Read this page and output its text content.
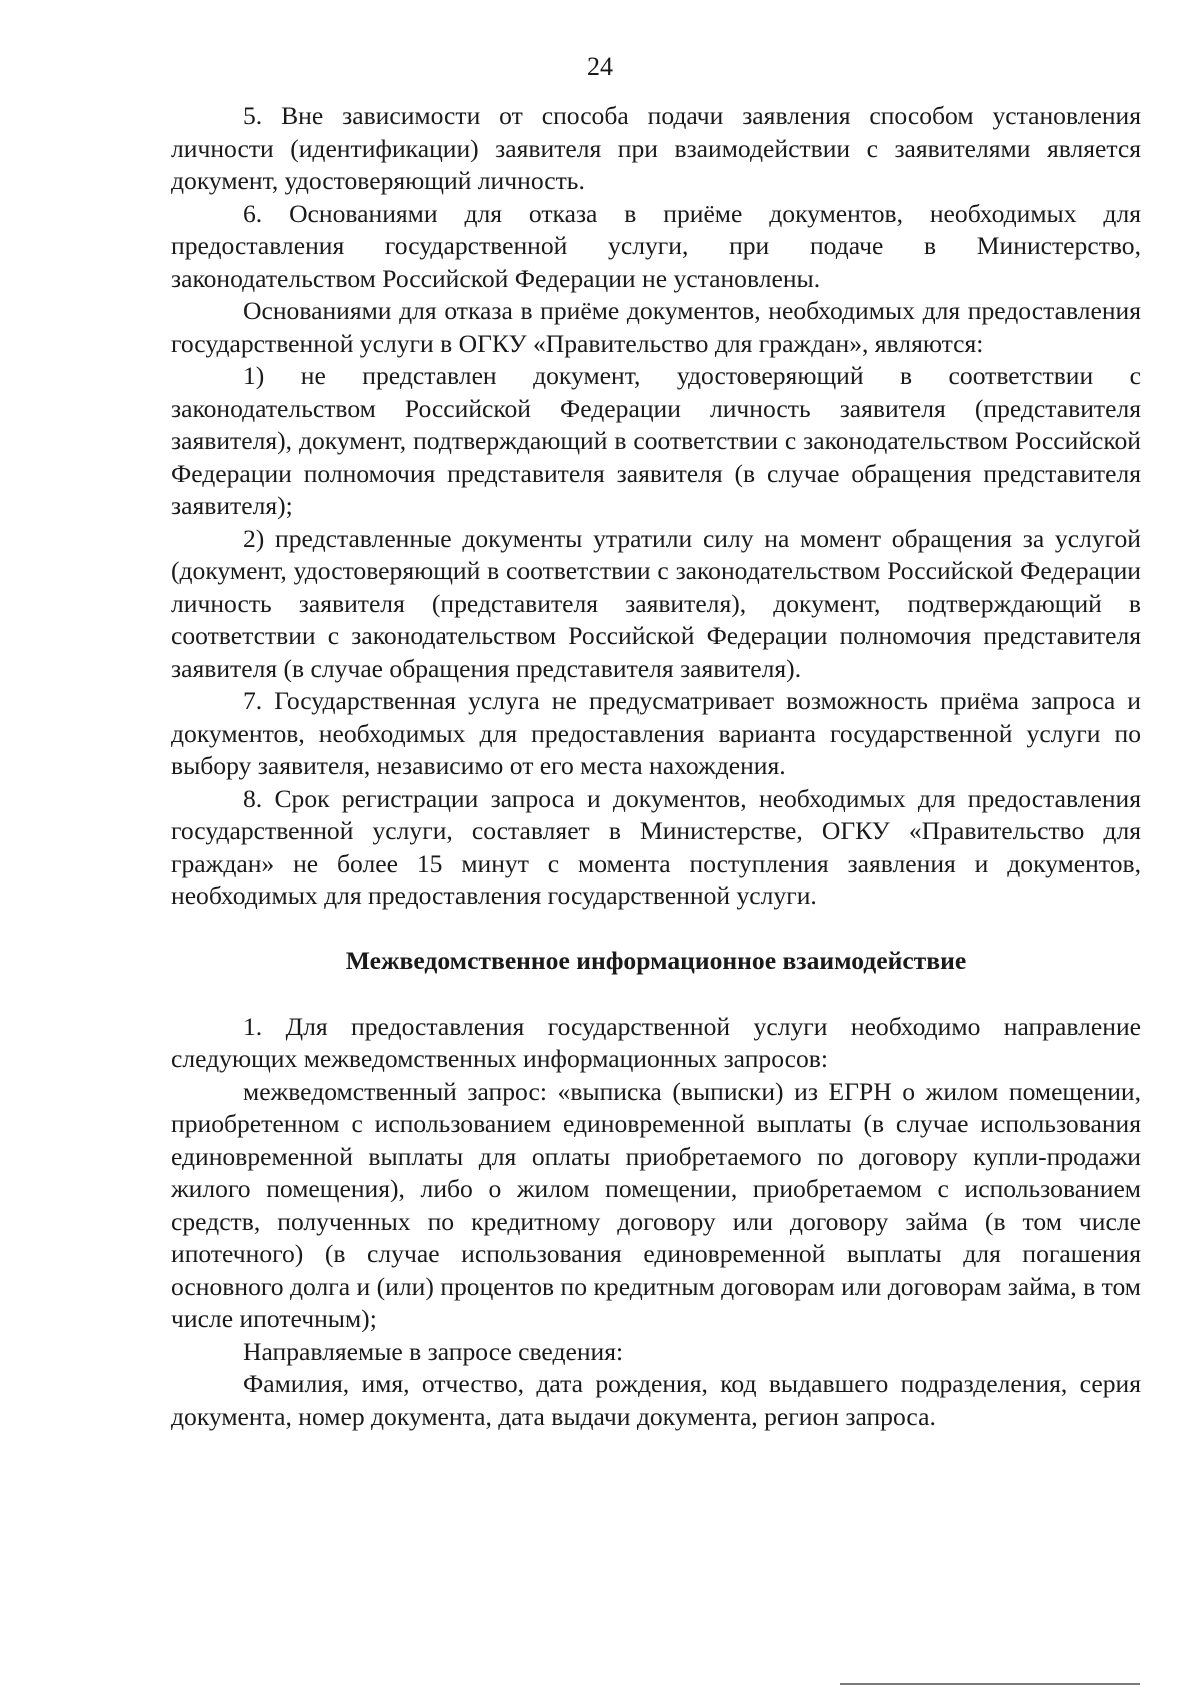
24

5. Вне зависимости от способа подачи заявления способом установления личности (идентификации) заявителя при взаимодействии с заявителями является документ, удостоверяющий личность.

6. Основаниями для отказа в приёме документов, необходимых для предоставления государственной услуги, при подаче в Министерство, законодательством Российской Федерации не установлены.

Основаниями для отказа в приёме документов, необходимых для предоставления государственной услуги в ОГКУ «Правительство для граждан», являются:

1) не представлен документ, удостоверяющий в соответствии с законодательством Российской Федерации личность заявителя (представителя заявителя), документ, подтверждающий в соответствии с законодательством Российской Федерации полномочия представителя заявителя (в случае обращения представителя заявителя);

2) представленные документы утратили силу на момент обращения за услугой (документ, удостоверяющий в соответствии с законодательством Российской Федерации личность заявителя (представителя заявителя), документ, подтверждающий в соответствии с законодательством Российской Федерации полномочия представителя заявителя (в случае обращения представителя заявителя).

7. Государственная услуга не предусматривает возможность приёма запроса и документов, необходимых для предоставления варианта государственной услуги по выбору заявителя, независимо от его места нахождения.

8. Срок регистрации запроса и документов, необходимых для предоставления государственной услуги, составляет в Министерстве, ОГКУ «Правительство для граждан» не более 15 минут с момента поступления заявления и документов, необходимых для предоставления государственной услуги.

Межведомственное информационное взаимодействие

1. Для предоставления государственной услуги необходимо направление следующих межведомственных информационных запросов:

межведомственный запрос: «выписка (выписки) из ЕГРН о жилом помещении, приобретенном с использованием единовременной выплаты (в случае использования единовременной выплаты для оплаты приобретаемого по договору купли-продажи жилого помещения), либо о жилом помещении, приобретаемом с использованием средств, полученных по кредитному договору или договору займа (в том числе ипотечного) (в случае использования единовременной выплаты для погашения основного долга и (или) процентов по кредитным договорам или договорам займа, в том числе ипотечным);

Направляемые в запросе сведения:

Фамилия, имя, отчество, дата рождения, код выдавшего подразделения, серия документа, номер документа, дата выдачи документа, регион запроса.
